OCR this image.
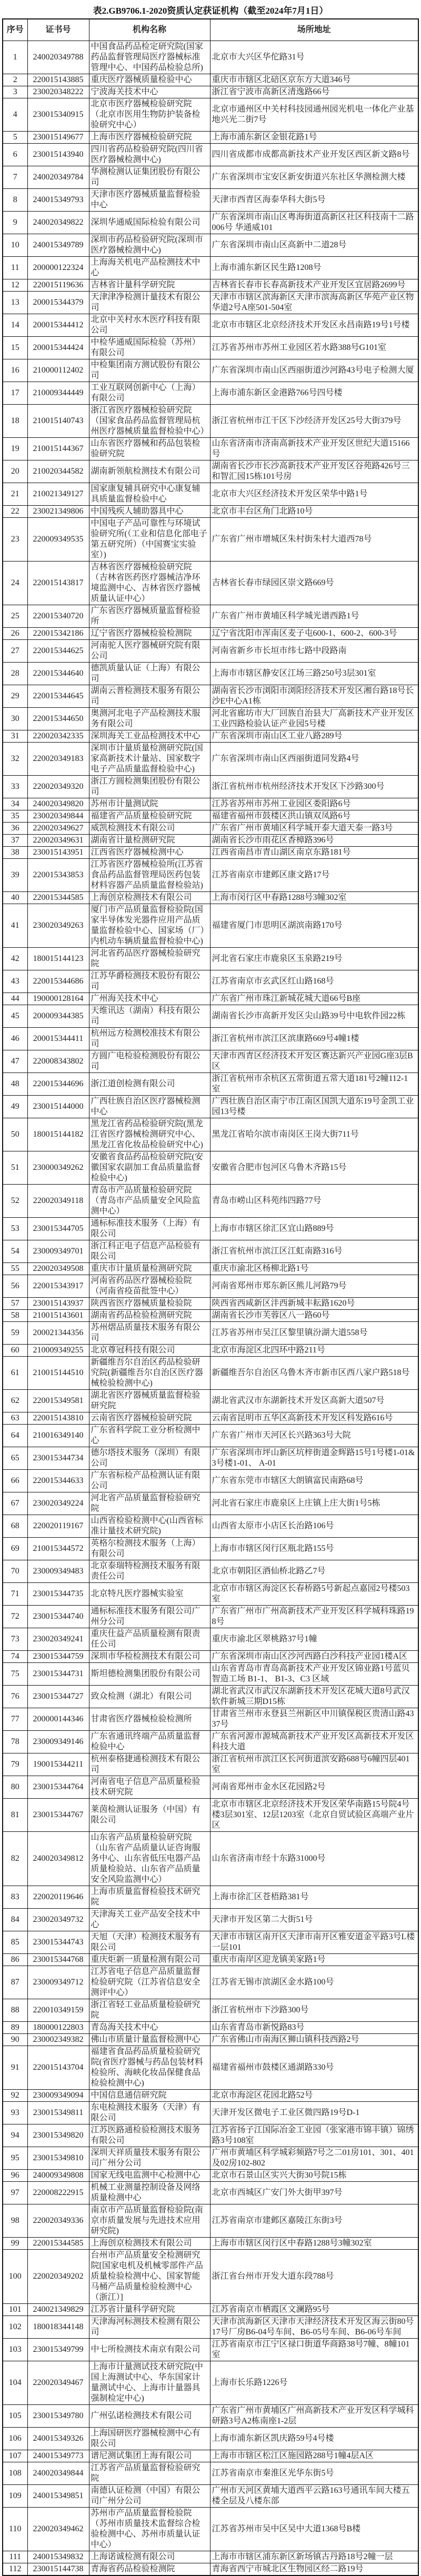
表2.GB9706.1-2020资质认定获证机构（截至2024年7月1日）
序号	证书号	机构名称	场所地址
1	240020349788	中国食品药品检定研究院(国家药品监督管理局医疗器械标准管理中心、中国药品检验总所)	北京市大兴区华佗路31号
2	220015143885	重庆医疗器械质量检验中心	重庆市市辖区北碚区京东方大道346号
3	230020348222	宁波海关技术中心	浙江省宁波市高新区清逸路66号
4	230015340915	北京市医疗器械检验研究院（北京市医用生物防护装备检验研究中心）	北京市通州区中关村科技园通州园光机电一体化产业基地兴光二街7号
5	230015149677	上海市医疗器械检验研究院	上海市浦东新区金银花路1号
6	230015143940	四川省药品检验研究院(四川省医疗器械检测中心)	四川省成都市成都高新技术产业开发区西区新文路8号
7	240020349784	华测检测认证集团股份有限公司	广东省深圳市宝安区新安街道兴东社区华测检测大楼
8	240015349793	天津市医疗器械质量监督检验中心	天津市西青区海泰华科大街5号
9	240020349822	深圳华通威国际检验有限公司	广东省深圳市南山区粤海街道高新区社区科技南十二路006号 华通威101
10	240015349789	深圳市药品检验研究院(深圳市医疗器械检测中心)	广东省深圳市南山区高新中二道28号
11	200000122324	上海海关机电产品检测技术中心	上海市浦东新区民生路1208号
12	220015119636	吉林省计量科学研究院	吉林省长春市长春高新技术产业开发区宜居路2699号
13	200015344379	天津津净检测计量技术有限公司	天津市市辖区滨海新区天津市滨海高新区华苑产业区物华道2号A座501-504室
14	200015344412	北京中关村水木医疗科技有限公司	北京市市辖区北京经济技术开发区永昌南路19号1号楼
15	200015344424	中检华通威国际检验（苏州）有限公司	江苏省苏州市苏州工业园区若水路388号G101室
16	210000112402	中检集团南方测试股份有限公司	广东省深圳市南山区西丽街道沙河路43号电子检测大厦
17	210009344449	工业互联网创新中心（上海）有限公司	上海市浦东新区金港路766号四号楼
18	210015140743	浙江省医疗器械检验研究院（国家食品药品监督管理局杭州医疗器械质量监督检验中心）	浙江省杭州市江干区下沙经济开发区25号大街379号
19	210015144367	山东省医疗器械和药品包装检验研究院	山东省济南市济南高新技术产业开发区世纪大道15166号
20	210020344582	湖南新领航检测技术有限公司	湖南省长沙市长沙高新技术产业开发区谷苑路426号三和智汇园15栋101号房
21	210021349127	国家康复辅具研究中心康复辅具质量监督检验中心	北京市大兴区经济技术开发区荣华中路1号
22	230021349806	中国残疾人辅助器具中心	北京市丰台区角门北路10号
23	220009349535	中国电子产品可靠性与环境试验研究所(（工业和信息化部电子第五研究所）（中国赛宝实验室）)	广东省广州市增城区朱村街朱村大道西78号
24	220015143817	吉林省医疗器械检验研究院（吉林省医药医疗器械洁净环境监测中心、吉林省医疗器械质量认证中心）	吉林省长春市绿园区崇文路669号
25	220015340720	广东省医疗器械质量监督检验所	广东省广州市黄埔区科学城光谱西路1号
26	220015342186	辽宁省医疗器械检验检测院	辽宁省沈阳市浑南区麦子屯600-1、600-2、600-3号
27	220015344625	河南驼人医疗器械研究院有限公司	河南省新乡市长垣市纬七路中段路南
28	220015344640	德凯质量认证（上海）有限公司	上海市市辖区静安区江场三路250号3层301室
29	220015344645	湖南云普检测技术服务有限公司	湖南省长沙市浏阳市浏阳经济技术开发区湘台路18号长沙E中心A1栋
30	220015344650	奥测河北电子产品检测技术服务有限公司	河北省廊坊市大厂回族自治县大厂高新技术产业开发区工业四路检验认证产业园5号楼
31	220020342335	深圳海关工业品检测技术中心	广东省深圳市南山区工业八路289号
32	220020349183	深圳市计量质量检测研究院(国家高新技术计量站、国家数字电子产品质量监督检验中心)	广东省深圳市南山区西丽街道同发路4号
33	220020349320	浙江方圆检测集团股份有限公司	浙江省杭州市杭州经济技术开发区下沙路300号
34	240020349820	苏州市计量测试院	江苏省苏州市苏州工业园区娄阳路6号
35	230020349844	福建省产品质量检验研究院	福建省福州市鼓楼区洪山镇双凤路6号
36	220020349627	威凯检测技术有限公司	广东省广州市黄埔区科学城开泰大道天泰一路3号
37	220020349631	湖南省计量检测研究院	湖南省长沙市雨花区香樟路396号
38	230015143951	江西省医疗器械检测中心	江西省南昌市青山湖区南京东路181号
39	220015343853	江苏省医疗器械检验所(江苏省食品药品监督管理局医药包装材料容器产品质量监督检验站)	江苏省南京市建邺区康文路17号
40	220015344585	上海创京检测技术有限公司	上海市闵行区中春路1288号3幢302室
41	230020349263	厦门市产品质量监督检验院(国家半导体发光器件应用产品质量监督检验中心、国家场（厂）内机动车辆质量监督检验中心)	福建省厦门市思明区湖滨南路170号
42	180015144123	河北省药品医疗器械检验研究院	河北省石家庄市鹿泉区玉泉路219号
43	220015344686	江苏华爵检测技术股份有限公司	江苏省南京市玄武区红山路168号
44	190000128164	广州海关技术中心	广东省广州市珠江新城花城大道66号B座
45	200009344385	天维讯达（湖南）科技有限公司	湖南省长沙市高新开发区尖山路39号中电软件园22栋
46	200015344411	杭州远方检测校准技术有限公司	浙江省杭州市滨江区滨康路669号4幢1楼
47	220008343802	方圆广电检验检测股份有限公司	天津市西青区经济技术开发区赛达新兴产业园G座3层B区
48	220015344696	浙江道创检测有限公司	浙江省杭州市余杭区五常街道五常大道181号2幢112-1室
49	230015144000	广西壮族自治区医疗器械检测中心	广西壮族自治区南宁市江南区国凯大道东19号金凯工业园13号楼
50	180015144182	黑龙江省药品检验研究院(黑龙江省医疗器械检测研究中心、黑龙江省化妆品检验研究中心)	黑龙江省哈尔滨市南岗区王岗大街711号
51	230000349262	安徽省食品药品检验研究院(安徽国家农副加工食品质量监督检验中心)	安徽省合肥市包河区乌鲁木齐路15号
52	220020349118	青岛市产品质量检验研究院（青岛市产品质量安全风险监测中心）	青岛市崂山区科苑纬四路77号
53	230015344705	通标标准技术服务（上海）有限公司	上海市市辖区徐汇区宜山路889号
54	230009349701	浙江科正电子信息产品检验有限公司	浙江省杭州市滨江区江虹南路316号
55	220020349508	重庆市计量质量检测研究院	重庆市渝北区杨柳北路1号
56	220015343917	河南省药品医疗器械检验院（河南省疫苗批签中心）	河南省郑州市郑东新区熊儿河路79号
57	230015143937	陕西省医疗器械质量检验院	陕西省西咸新区沣西新城丰耘路1620号
58	210015143601	湖南省药品检验检测研究院	湖南省长沙市芙蓉区八一路60号
59	200021344356	苏州熠品质量技术服务有限公司	江苏省苏州市吴江区黎里镇汾湖大道558号
60	210009349255	北京尊冠科技有限公司	北京市海淀区北四环中路211号
61	210015144510	新疆维吾尔自治区药品检验研究院(新疆维吾尔自治区医疗器械检验检测中心)	新疆维吾尔自治区乌鲁木齐市新市区西八家户路518号
62	220015349581	湖北省医疗器械质量监督检验研究院	湖北省武汉市东湖新技术开发区高新大道507号
63	220015143810	云南省医疗器械检验研究院	云南省昆明市五华区高新技术开发区科发路616号
64	210016349140	广东省科学院工业分析检测中心	广东省广州市天河区长兴路363号大院
65	230015344734	德尔塔技术服务（深圳）有限公司	广东省深圳市坪山新区坑梓街道金辉路15号1号楼1-01&3号楼1-01、 A-01
66	220015344633	广东省标检产品检测认证有限公司	广东省东莞市市辖区大朗镇富民南路68号
67	230020349224	河北省产品质量监督检验研究院	河北省石家庄市鹿泉区上庄镇上庄大街1号5栋
68	220020119167	山西省检验检测中心(山西省标准计量技术研究院)	山西省太原市小店区长治路106号
69	210015344572	英格尔检测技术服务（上海）有限公司	上海市市辖区闵行区瓶北路155号
70	230009349483	北京泰瑞特检测技术服务有限责任公司	北京市朝阳区酒仙桥北路乙7号
71	230015344735	北京特凡医疗器械实验室	北京市市辖区海淀区长春桥路5号新起点嘉园2号楼503室
72	230015344740	通标标准技术服务有限公司广州分公司	广东省广州市广州高新技术产业开发区科学城科珠路198号
73	230020349241	重庆仕益产品质量检测有限责任公司	重庆市渝北区翠桃路37号1幢
74	230015344759	深圳市华检检测技术有限公司	广东省深圳市南山区沙河西路白沙科技产业园1楼A区
75	230015344731	斯坦德检测集团股份有限公司	山东省青岛市青岛高新技术产业开发区锦业路1号蓝贝智造工场 B1-1、 B1-3、C3 区域
76	230015344727	致众检测（湖北）有限公司	湖北省武汉市武汉东湖新技术开发区花城大道8号武汉软件新城三期D15栋
77	200000144346	甘肃省医疗器械检验检测所	甘肃省兰州市永登县兰州新区中川镇保税区贵清山路4337号
78	230009349146	广东省通讯终端产品质量监督检验中心	广东省河源市源城高新技术产业开发区高新技术开发区科技大道
79	190015344211	杭州泰格捷通检测技术有限公司	浙江省杭州市滨江区长河街道滨安路688号6幢四层401室
80	230015344764	河南省电子信息产品质量检验技术研究院	河南省郑州市金水区花园路2号
81	230015344767	莱茵检测认证服务（中国）有限公司	北京市市辖区北京经济技术开发区荣华南路15号院4号楼3层301室、12层1203室（北京自贸试验区高端产业片区
82	240020349812	山东省产品质量检验研究院（山东省产品质量认证咨询服务中心、山东省低压电器产品质量检验站、山东省产品质量安全风险监测中心）	山东省济南市经十东路31000号
83	220020119646	上海市质量监督检验技术研究院	上海市徐汇区苍梧路381号
84	230020349732	天津海关工业产品安全技术中心	天津市开发区第二大街51号
85	230015344743	天旭（天津）检测技术服务有限公司	天津市市辖区南开区天津市南开区雅安道金平路3号L楼一层101
86	230015344768	重庆炬新一质量检测有限公司	重庆市南岸区迎龙镇美家路1号
87	230009349712	江苏省电子信息产品质量监督检验研究院（江苏省信息安全测评中心）	江苏省无锡市滨湖区金水路100号
88	220010349159	浙江省轻工业品质量检验研究院	浙江省杭州市下沙路300号
89	180000122803	青岛海关技术中心	山东省青岛市新悦路83号
90	230002349382	佛山市质量计量监督检测中心	广东省佛山市南海区狮山镇科技西路2号
91	220015143704	福建省食品药品质量检验研究院(省医疗器械与药品包装材料检验所、海峡化妆品保健食品检验检测中心)	福建省福州市鼓楼区通湖路330号
92	230009349094	中国信息通信研究院	北京市海淀区花园北路52号
93	230015349811	东电检测技术服务（天津）有限公司	天津开发区微电子工业区微四路19号D-1
94	230015349820	江苏医路通检验检测技术服务有限公司	江苏省扬子江国际冶金工业园（张家港市锦丰镇）锦绣路3号108室
95	230015349810	深圳天祥质量技术服务有限公司广州分公司	广州市黄埔区科学城彩频路7号之二01房101、301、401及02房102-802
96	240009349808	国家无线电监测中心检测中心	北京市石景山区实兴大街30号院15栋
97	220008222915	机械工业测量控制设备及网络质量检测中心	北京市西城区广安门外大街甲397号
98	220020349336	南京市产品质量监督检验院(南京市质量发展与先进技术应用研究院)	江苏省南京市建邺区嘉陵江东街3号
99	220015344585	上海创京检测技术有限公司	上海市市辖区闵行区中春路1288号3幢302室
100	220020349202	台州市产品质量安全检测研究院[国家电机及机械零部件产品质量检验检测中心、国家智能马桶产品质量检验检测中心（浙江）]	浙江省台州市开发大道东段788号
101	240021349829	江苏省计量科学研究院	江苏省南京市栖霞区文澜路95号
102	180018344148	天津海河标测技术检测有限公司	天津市滨海新区天津市天津经济技术开发区海云街80号17号厂房B6-04号车间、B6-05号车间、B6-06号车间
103	230015349799	中七所检测技术南京有限公司	江苏省南京市江宁区禄口街道华商路38号7幢、8幢101室
104	220020349467	上海市计量测试技术研究院(中国上海测试中心、华东国家计量测试中心、上海市计量器具强制检定中心)	上海市长乐路1226号
105	230015349780	广州弘诺检测技术有限公司	广东省广州市黄埔区广州高新技术产业开发区科学城科研路3号A2栋南座1-2层
106	240015349326	上海国研医疗器械检测中心有限公司	上海市浦东新区凯庆路59号4号楼
107	240015349773	谱尼测试集团上海有限公司	上海市市辖区松江区施园路288号1幢4层A区
108	240020349844	江苏省产品质量监督检验研究院	江苏省南京市秦淮区光华东街5号
109	240015349851	南德认证检测（中国）有限公司广州分公司	广州市天河区黄埔大道西平云路163号通讯车间大楼五楼全层及八楼东部
110	220020349462	苏州市产品质量监督检验院（苏州市质量技术监督综合检验检测中心、苏州市质量认证中心）	江苏省苏州市吴中区吴中大道1368号B楼
111	240015349832	上海诺诚检测有限公司	上海市市辖区浦东新区新场镇古丹路18号2幢一层
112	230015144738	青海省药品检验检测院	青海省西宁市城北区生物园区经二路19号
